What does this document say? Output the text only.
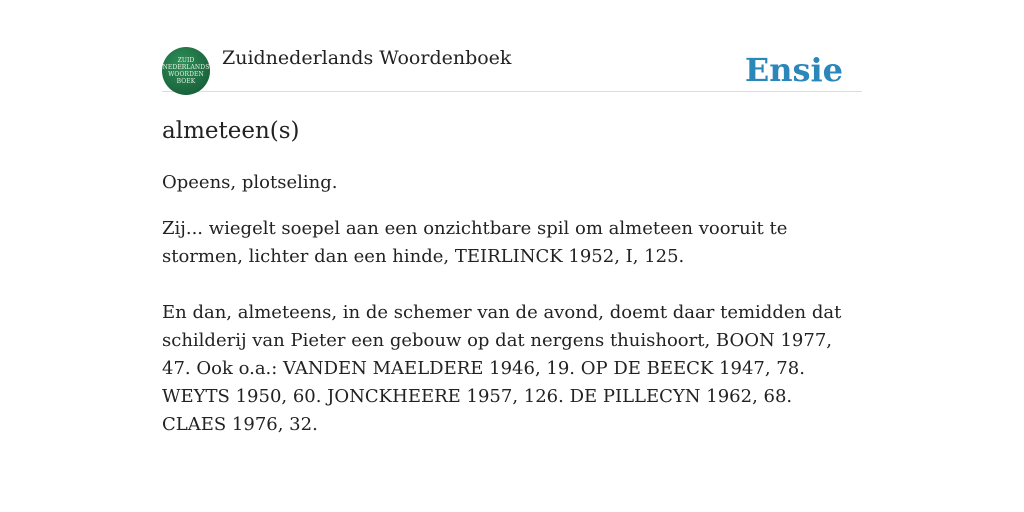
ZUID
NEDERLANDS
WOORDEN
BOEK
Zuidnederlands Woordenboek	Ensie
almeteen(s)

Opeens, plotseling.

Zij... wiegelt soepel aan een onzichtbare spil om almeteen vooruit te stormen, lichter dan een hinde, TEIRLINCK 1952, I, 125.

En dan, almeteens, in de schemer van de avond, doemt daar temidden dat schilderij van Pieter een gebouw op dat nergens thuishoort, BOON 1977, 47. Ook o.a.: VANDEN MAELDERE 1946, 19. OP DE BEECK 1947, 78. WEYTS 1950, 60. JONCKHEERE 1957, 126. DE PILLECYN 1962, 68. CLAES 1976, 32.
